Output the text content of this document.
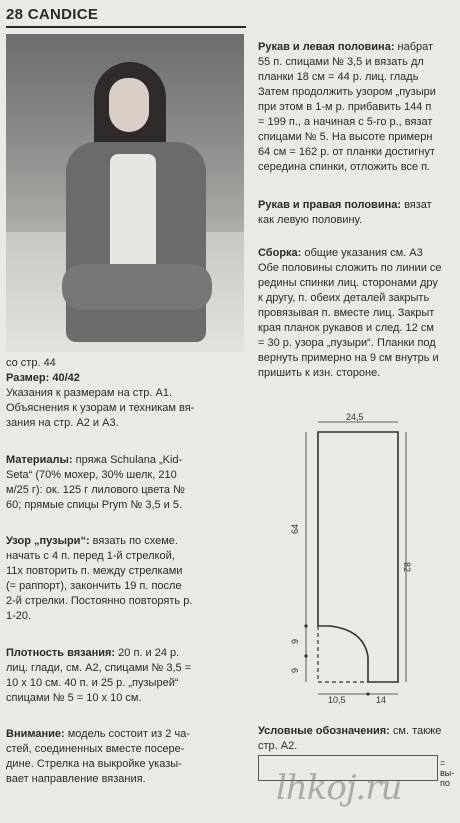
28 CANDICE
со стр. 44
Размер: 40/42
Указания к размерам на стр. А1.
Объяснения к узорам и техникам вя-
зания на стр. А2 и А3.
Материалы: пряжа Schulana „Kid-
Seta“ (70% мохер, 30% шелк, 210
м/25 г): ок. 125 г лилового цвета №
60; прямые спицы Prym № 3,5 и 5.
Узор „пузыри“: вязать по схеме.
начать с 4 п. перед 1-й стрелкой,
11х повторить п. между стрелками
(= раппорт), закончить 19 п. после
2-й стрелки. Постоянно повторять р.
1-20.
Плотность вязания: 20 п. и 24 р.
лиц. глади, см. А2, спицами № 3,5 =
10 х 10 см. 40 п. и 25 р. „пузырей“
спицами № 5 = 10 х 10 см.
Внимание: модель состоит из 2 ча-
стей, соединенных вместе посере-
дине. Стрелка на выкройке указы-
вает направление вязания.
Рукав и левая половина: набрат
55 п. спицами № 3,5 и вязать дл
планки 18 см = 44 р. лиц. гладь
Затем продолжить узором „пузыри
при этом в 1-м р. прибавить 144 п
= 199 п., а начиная с 5-го р., вязат
спицами № 5. На высоте примерн
64 см = 162 р. от планки достигнут
середина спинки, отложить все п.
Рукав и правая половина: вязат
как левую половину.
Сборка: общие указания см. А3
Обе половины сложить по линии се
редины спинки лиц. сторонами дру
к другу, п. обеих деталей закрыть
провязывая п. вместе лиц. Закрыт
края планок рукавов и след. 12 см
= 30 р. узора „пузыри“. Планки под
вернуть примерно на 9 см внутрь и
пришить к изн. стороне.
24,5
64
82
9
9
10,5	14
Условные обозначения: см. также
стр. А2.
= вы-
по
lhkoj.ru
